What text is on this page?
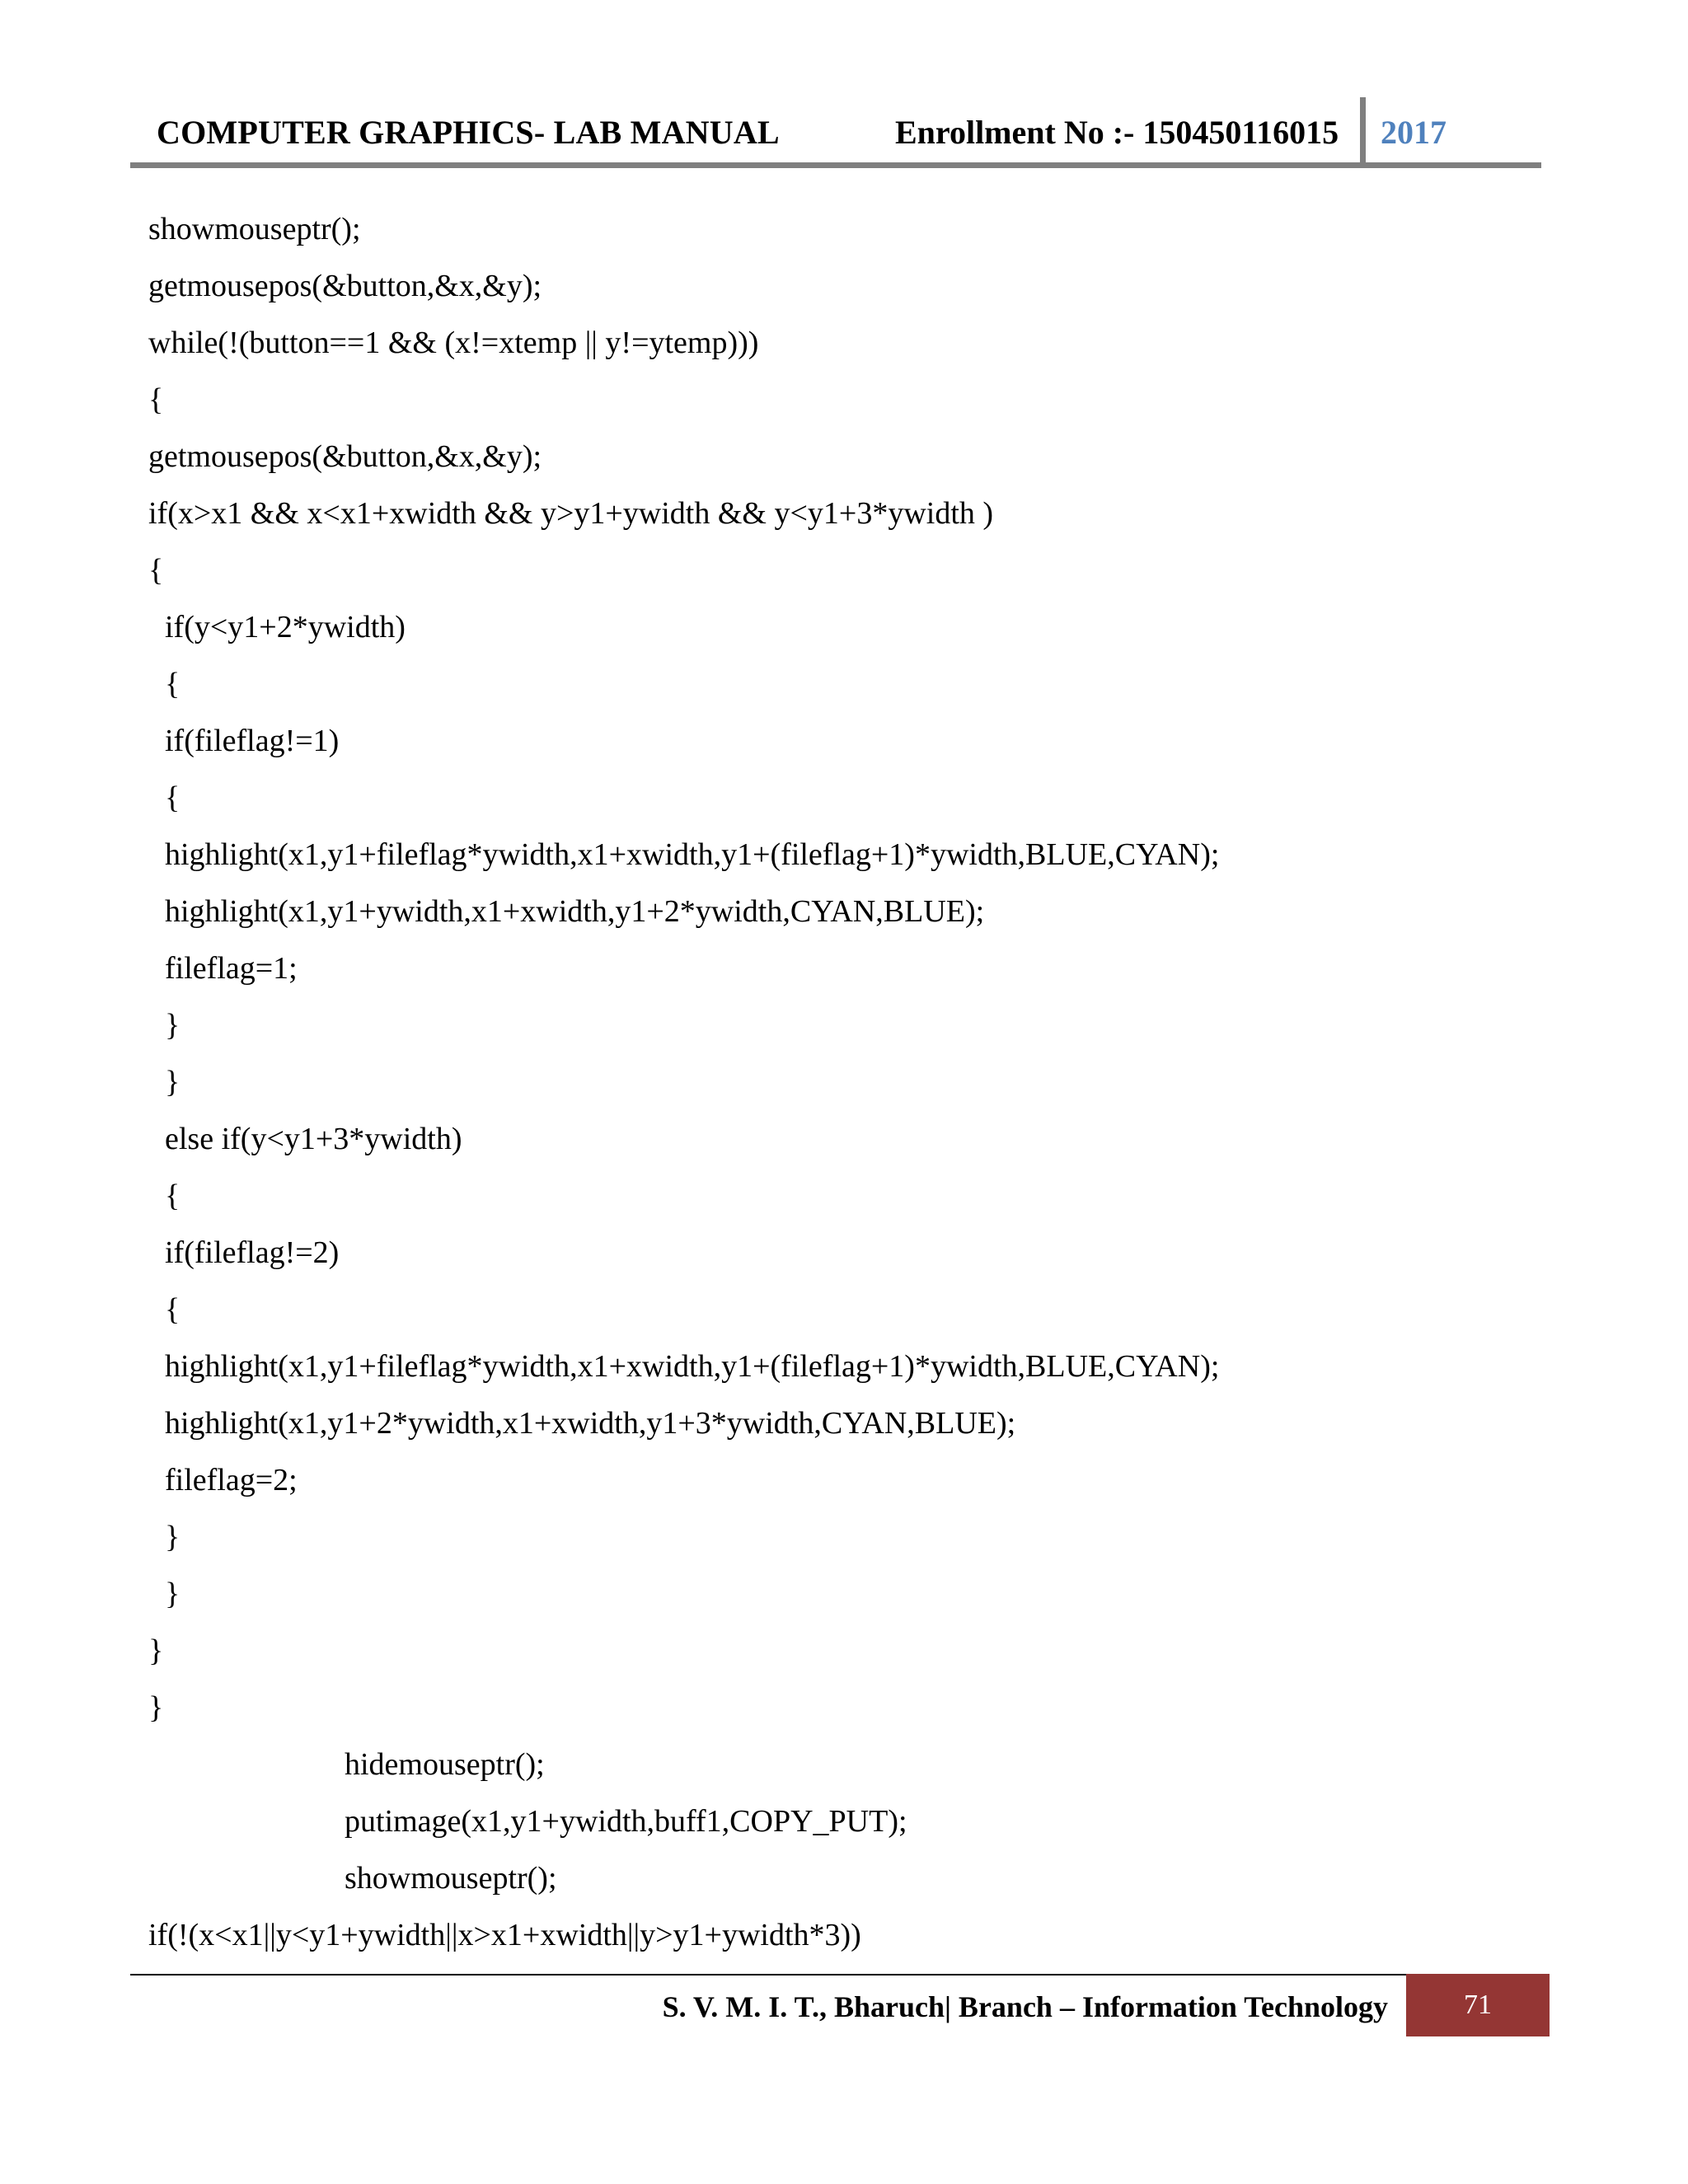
COMPUTER GRAPHICS- LAB MANUAL	Enrollment No :- 150450116015 2017
showmouseptr();
getmousepos(&button,&x,&y);
while(!(button==1 && (x!=xtemp || y!=ytemp)))
{
getmousepos(&button,&x,&y);
if(x>x1 && x<x1+xwidth && y>y1+ywidth && y<y1+3*ywidth )
{
if(y<y1+2*ywidth)
{
if(fileflag!=1)
{
highlight(x1,y1+fileflag*ywidth,x1+xwidth,y1+(fileflag+1)*ywidth,BLUE,CYAN);
highlight(x1,y1+ywidth,x1+xwidth,y1+2*ywidth,CYAN,BLUE);
fileflag=1;
}
}
else if(y<y1+3*ywidth)
{
if(fileflag!=2)
{
highlight(x1,y1+fileflag*ywidth,x1+xwidth,y1+(fileflag+1)*ywidth,BLUE,CYAN);
highlight(x1,y1+2*ywidth,x1+xwidth,y1+3*ywidth,CYAN,BLUE);
fileflag=2;
}
}
}
}
hidemouseptr();
putimage(x1,y1+ywidth,buff1,COPY_PUT);
showmouseptr();
if(!(x<x1||y<y1+ywidth||x>x1+xwidth||y>y1+ywidth*3))
S. V. M. I. T., Bharuch| Branch – Information Technology	71
